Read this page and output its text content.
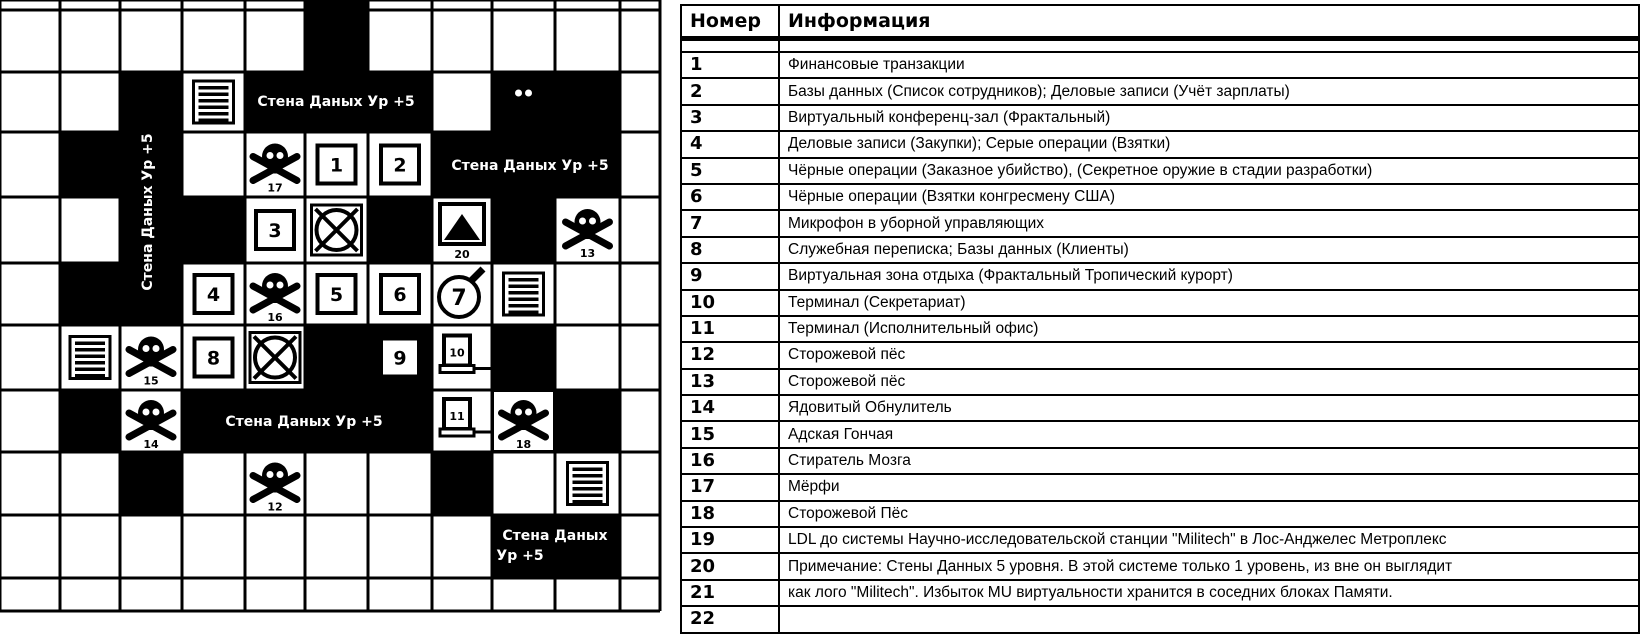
Стена Даных Ур +5
Стена Даных Ур +5
Стена Даных Ур +5
Стена Даных Ур +5
Стена Даных
Ур +5
19
17
1	2
3
20	13
4
16
5	6 7
15
8	9	10
14
11
18
12
Номер	Информация

1	Финансовые транзакции
2	Базы данных (Список сотрудников); Деловые записи (Учёт зарплаты)
3	Виртуальный конференц-зал (Фрактальный)
4	Деловые записи (Закупки); Серые операции (Взятки)
5	Чёрные операции (Заказное убийство), (Секретное оружие в стадии разработки)
6	Чёрные операции (Взятки конгресмену США)
7	Микрофон в уборной управляющих
8	Служебная переписка; Базы данных (Клиенты)
9	Виртуальная зона отдыха (Фрактальный Тропический курорт)
10	Терминал (Секретариат)
11	Терминал (Исполнительный офис)
12	Сторожевой пёс
13	Сторожевой пёс
14	Ядовитый Обнулитель
15	Адская Гончая
16	Стиратель Мозга
17	Мёрфи
18	Сторожевой Пёс
19	LDL до системы Научно-исследовательской станции "Militech" в Лос-Анджелес Метроплекс
20	Примечание: Стены Данных 5 уровня. В этой системе только 1 уровень, из вне он выглядит
21	как лого "Militech". Избыток MU виртуальности хранится в соседних блоках Памяти.
22	
